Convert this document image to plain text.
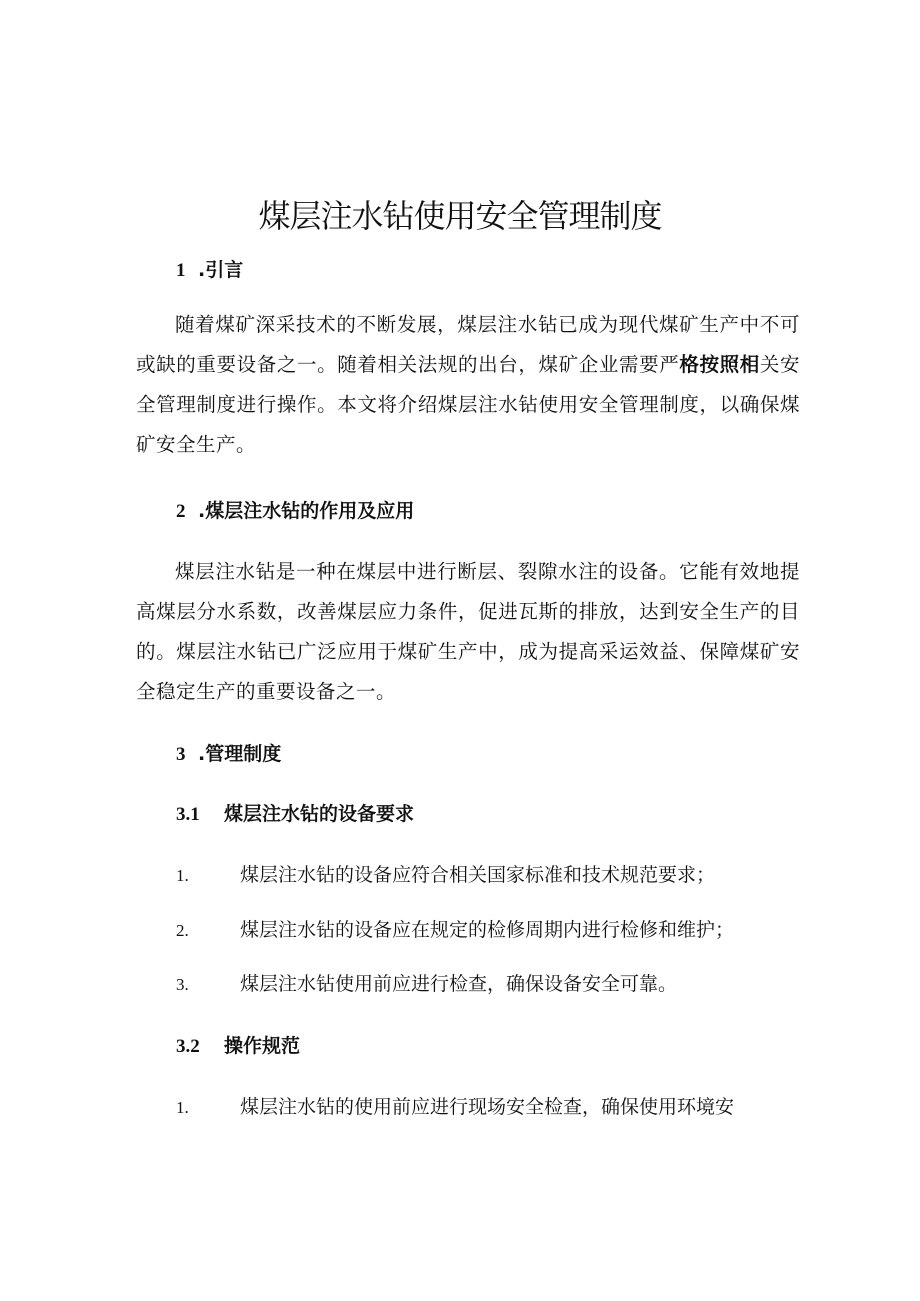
煤层注水钻使用安全管理制度
1 .引言

随着煤矿深采技术的不断发展，煤层注水钻已成为现代煤矿生产中不可或缺的重要设备之一。随着相关法规的出台，煤矿企业需要严格按照相关安全管理制度进行操作。本文将介绍煤层注水钻使用安全管理制度，以确保煤矿安全生产。

2 .煤层注水钻的作用及应用

煤层注水钻是一种在煤层中进行断层、裂隙水注的设备。它能有效地提高煤层分水系数，改善煤层应力条件，促进瓦斯的排放，达到安全生产的目的。煤层注水钻已广泛应用于煤矿生产中，成为提高采运效益、保障煤矿安全稳定生产的重要设备之一。

3 .管理制度
3.1 煤层注水钻的设备要求
1.	煤层注水钻的设备应符合相关国家标准和技术规范要求；
2.	煤层注水钻的设备应在规定的检修周期内进行检修和维护；
3.	煤层注水钻使用前应进行检查，确保设备安全可靠。
3.2 操作规范
1.	煤层注水钻的使用前应进行现场安全检查，确保使用环境安
